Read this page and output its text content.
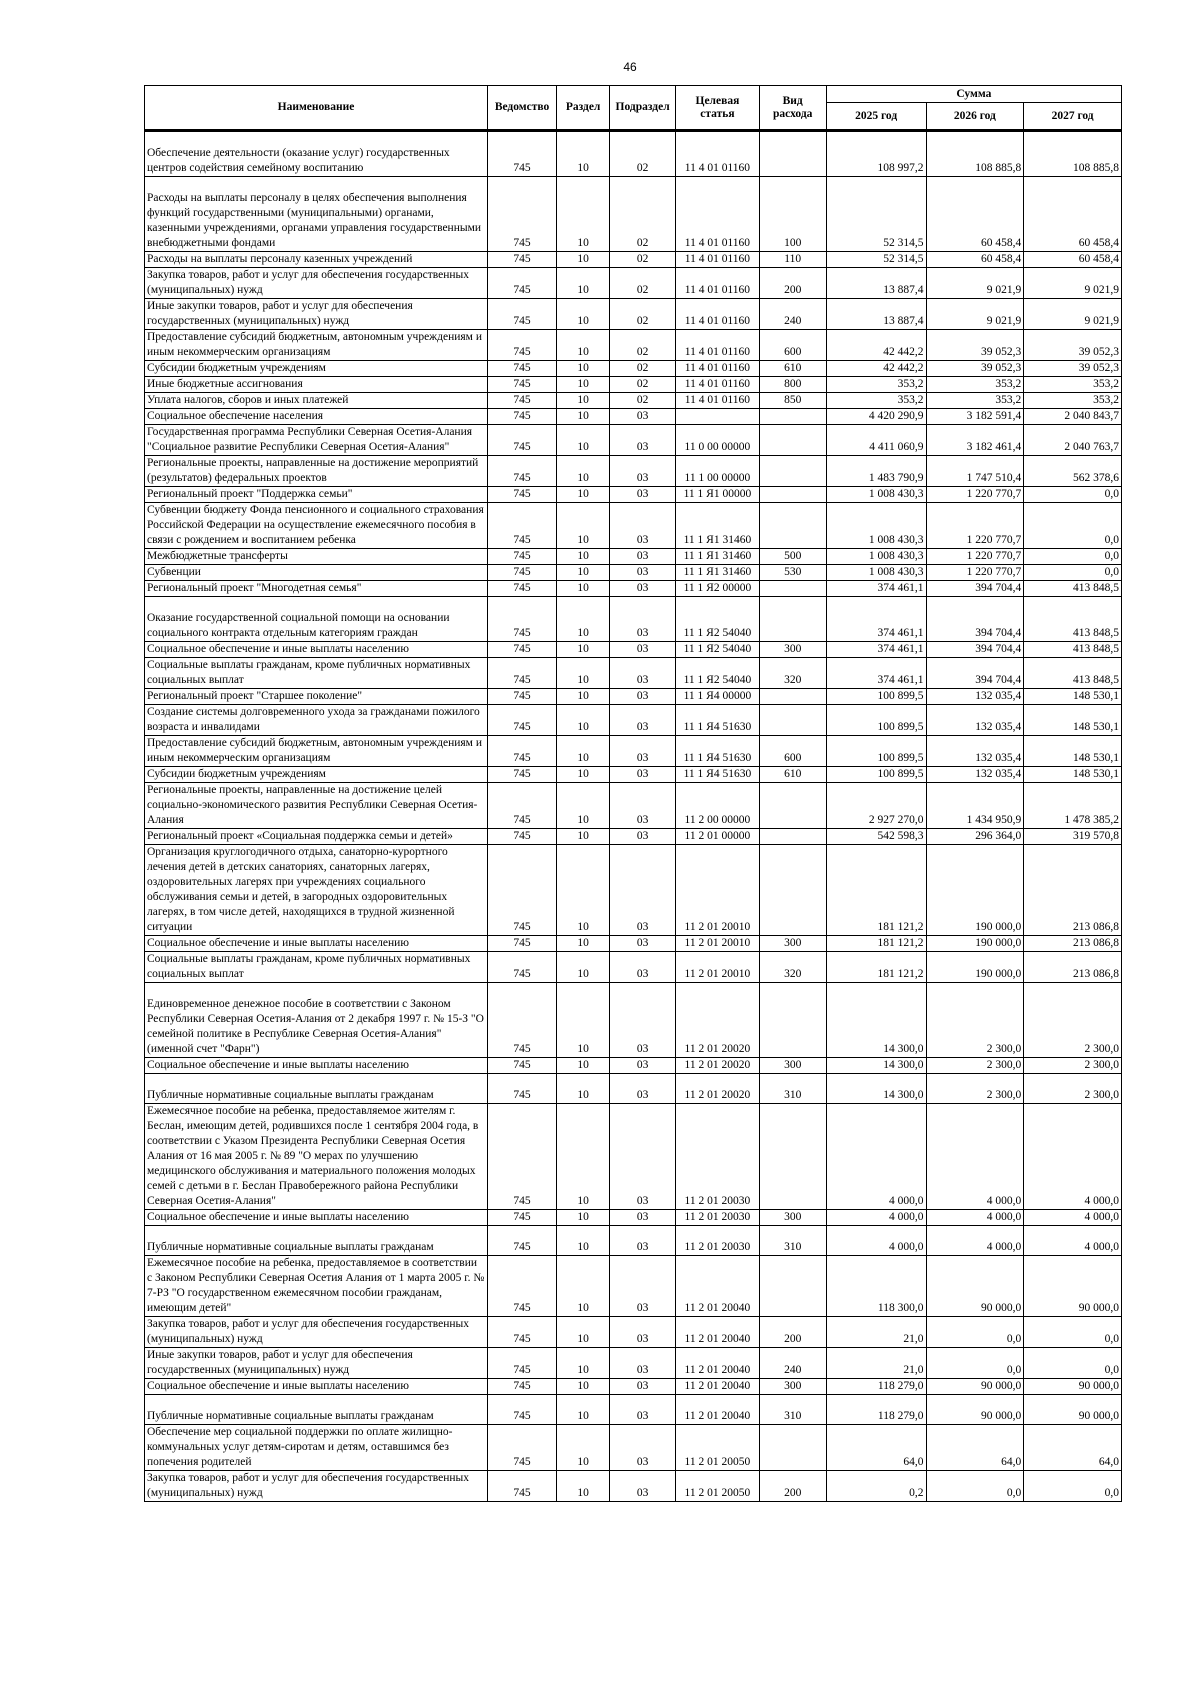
46
Наименование	Ведомство	Раздел	Подраздел	Целевая статья	Вид расхода	Сумма		
						2025 год	2026 год	2027 год
Обеспечение деятельности (оказание услуг) государственных центров содействия семейному воспитанию	745	10	02	11 4 01 01160		108 997,2	108 885,8	108 885,8
Расходы на выплаты персоналу в целях обеспечения выполнения функций государственными (муниципальными) органами, казенными учреждениями, органами управления государственными внебюджетными фондами	745	10	02	11 4 01 01160	100	52 314,5	60 458,4	60 458,4
Расходы на выплаты персоналу казенных учреждений	745	10	02	11 4 01 01160	110	52 314,5	60 458,4	60 458,4
Закупка товаров, работ и услуг для обеспечения государственных (муниципальных) нужд	745	10	02	11 4 01 01160	200	13 887,4	9 021,9	9 021,9
Иные закупки товаров, работ и услуг для обеспечения государственных (муниципальных) нужд	745	10	02	11 4 01 01160	240	13 887,4	9 021,9	9 021,9
Предоставление субсидий бюджетным, автономным учреждениям и иным некоммерческим организациям	745	10	02	11 4 01 01160	600	42 442,2	39 052,3	39 052,3
Субсидии бюджетным учреждениям	745	10	02	11 4 01 01160	610	42 442,2	39 052,3	39 052,3
Иные бюджетные ассигнования	745	10	02	11 4 01 01160	800	353,2	353,2	353,2
Уплата налогов, сборов и иных платежей	745	10	02	11 4 01 01160	850	353,2	353,2	353,2
Социальное обеспечение населения	745	10	03			4 420 290,9	3 182 591,4	2 040 843,7
Государственная программа Республики Северная Осетия-Алания "Социальное развитие Республики Северная Осетия-Алания"	745	10	03	11 0 00 00000		4 411 060,9	3 182 461,4	2 040 763,7
Региональные проекты, направленные на достижение мероприятий (результатов) федеральных проектов	745	10	03	11 1 00 00000		1 483 790,9	1 747 510,4	562 378,6
Региональный проект "Поддержка семьи"	745	10	03	11 1 Я1 00000		1 008 430,3	1 220 770,7	0,0
Субвенции бюджету Фонда пенсионного и социального страхования Российской Федерации на осуществление ежемесячного пособия в связи с рождением и воспитанием ребенка	745	10	03	11 1 Я1 31460		1 008 430,3	1 220 770,7	0,0
Межбюджетные трансферты	745	10	03	11 1 Я1 31460	500	1 008 430,3	1 220 770,7	0,0
Субвенции	745	10	03	11 1 Я1 31460	530	1 008 430,3	1 220 770,7	0,0
Региональный проект "Многодетная семья"	745	10	03	11 1 Я2 00000		374 461,1	394 704,4	413 848,5
Оказание государственной социальной помощи на основании социального контракта отдельным категориям граждан	745	10	03	11 1 Я2 54040		374 461,1	394 704,4	413 848,5
Социальное обеспечение и иные выплаты населению	745	10	03	11 1 Я2 54040	300	374 461,1	394 704,4	413 848,5
Социальные выплаты гражданам, кроме публичных нормативных социальных выплат	745	10	03	11 1 Я2 54040	320	374 461,1	394 704,4	413 848,5
Региональный проект "Старшее поколение"	745	10	03	11 1 Я4 00000		100 899,5	132 035,4	148 530,1
Создание системы долговременного ухода за гражданами пожилого возраста и инвалидами	745	10	03	11 1 Я4 51630		100 899,5	132 035,4	148 530,1
Предоставление субсидий бюджетным, автономным учреждениям и иным некоммерческим организациям	745	10	03	11 1 Я4 51630	600	100 899,5	132 035,4	148 530,1
Субсидии бюджетным учреждениям	745	10	03	11 1 Я4 51630	610	100 899,5	132 035,4	148 530,1
Региональные проекты, направленные на достижение целей социально-экономического развития Республики Северная Осетия-Алания	745	10	03	11 2 00 00000		2 927 270,0	1 434 950,9	1 478 385,2
Региональный проект «Социальная поддержка семьи и детей»	745	10	03	11 2 01 00000		542 598,3	296 364,0	319 570,8
Организация круглогодичного отдыха, санаторно-курортного лечения детей в детских санаториях, санаторных лагерях, оздоровительных лагерях при учреждениях социального обслуживания семьи и детей, в загородных оздоровительных лагерях, в том числе детей, находящихся в трудной жизненной ситуации	745	10	03	11 2 01 20010		181 121,2	190 000,0	213 086,8
Социальное обеспечение и иные выплаты населению	745	10	03	11 2 01 20010	300	181 121,2	190 000,0	213 086,8
Социальные выплаты гражданам, кроме публичных нормативных социальных выплат	745	10	03	11 2 01 20010	320	181 121,2	190 000,0	213 086,8
Единовременное денежное пособие в соответствии с Законом Республики Северная Осетия-Алания от 2 декабря 1997 г. № 15-З "О семейной политике в Республике Северная Осетия-Алания" (именной счет "Фарн")	745	10	03	11 2 01 20020		14 300,0	2 300,0	2 300,0
Социальное обеспечение и иные выплаты населению	745	10	03	11 2 01 20020	300	14 300,0	2 300,0	2 300,0
Публичные нормативные социальные выплаты гражданам	745	10	03	11 2 01 20020	310	14 300,0	2 300,0	2 300,0
Ежемесячное пособие на ребенка, предоставляемое жителям г. Беслан, имеющим детей, родившихся после 1 сентября 2004 года, в соответствии с Указом Президента Республики Северная Осетия Алания от 16 мая 2005 г. № 89 "О мерах по улучшению медицинского обслуживания и материального положения молодых семей с детьми в г. Беслан Правобережного района Республики Северная Осетия-Алания"	745	10	03	11 2 01 20030		4 000,0	4 000,0	4 000,0
Социальное обеспечение и иные выплаты населению	745	10	03	11 2 01 20030	300	4 000,0	4 000,0	4 000,0
Публичные нормативные социальные выплаты гражданам	745	10	03	11 2 01 20030	310	4 000,0	4 000,0	4 000,0
Ежемесячное пособие на ребенка, предоставляемое в соответствии с Законом Республики Северная Осетия Алания от 1 марта 2005 г. № 7-РЗ "О государственном ежемесячном пособии гражданам, имеющим детей"	745	10	03	11 2 01 20040		118 300,0	90 000,0	90 000,0
Закупка товаров, работ и услуг для обеспечения государственных (муниципальных) нужд	745	10	03	11 2 01 20040	200	21,0	0,0	0,0
Иные закупки товаров, работ и услуг для обеспечения государственных (муниципальных) нужд	745	10	03	11 2 01 20040	240	21,0	0,0	0,0
Социальное обеспечение и иные выплаты населению	745	10	03	11 2 01 20040	300	118 279,0	90 000,0	90 000,0
Публичные нормативные социальные выплаты гражданам	745	10	03	11 2 01 20040	310	118 279,0	90 000,0	90 000,0
Обеспечение мер социальной поддержки по оплате жилищно-коммунальных услуг детям-сиротам и детям, оставшимся без попечения родителей	745	10	03	11 2 01 20050		64,0	64,0	64,0
Закупка товаров, работ и услуг для обеспечения государственных (муниципальных) нужд	745	10	03	11 2 01 20050	200	0,2	0,0	0,0
